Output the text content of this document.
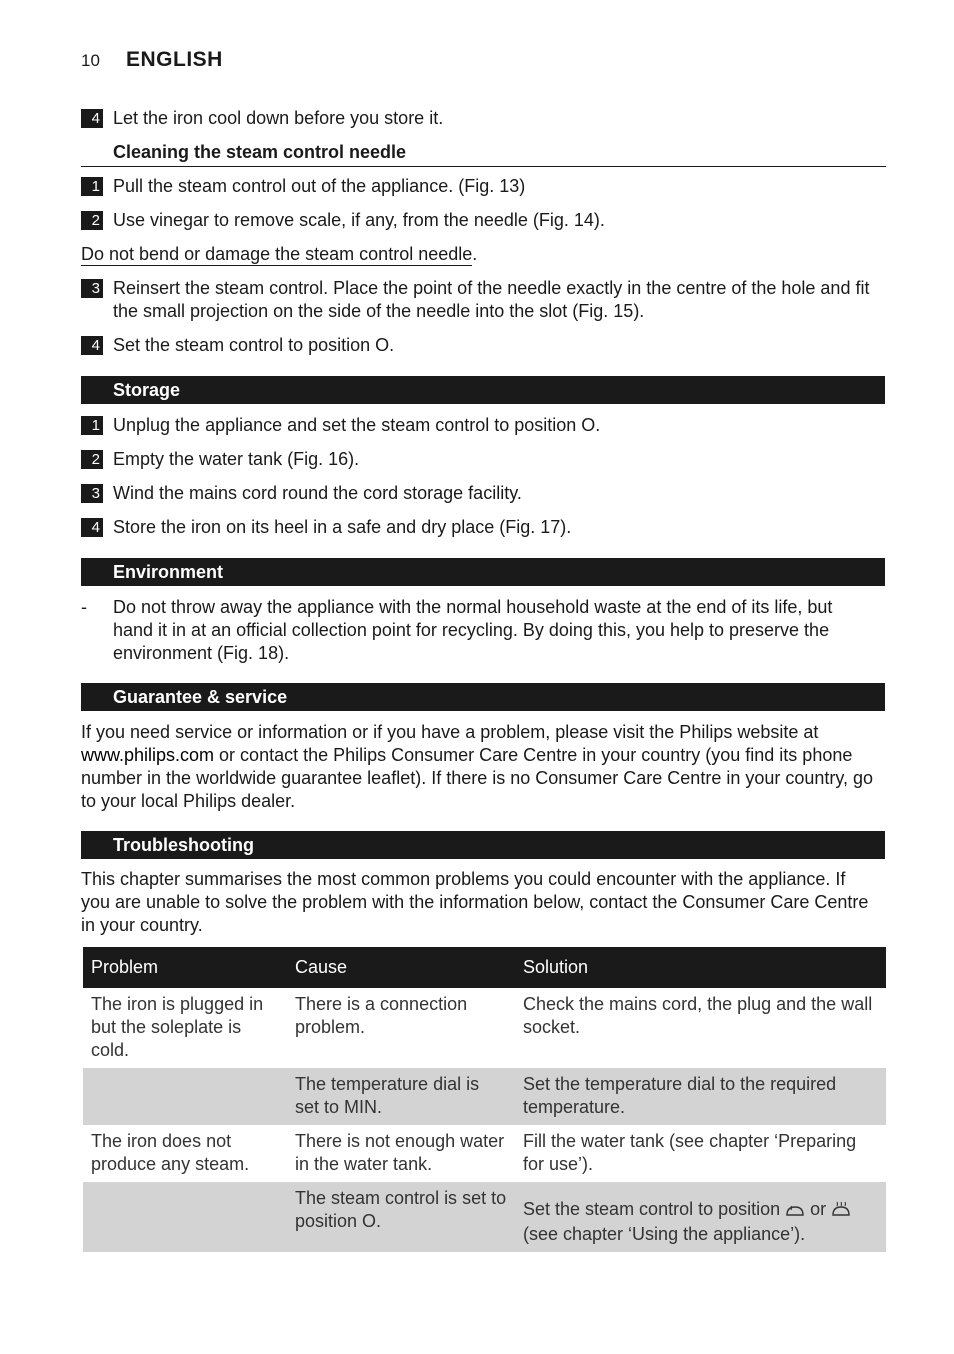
10 ENGLISH
4 Let the iron cool down before you store it.
Cleaning the steam control needle
1 Pull the steam control out of the appliance. (Fig. 13)
2 Use vinegar to remove scale, if any, from the needle (Fig. 14).
Do not bend or damage the steam control needle.
3 Reinsert the steam control. Place the point of the needle exactly in the centre of the hole and fit the small projection on the side of the needle into the slot (Fig. 15).
4 Set the steam control to position O.
Storage
1 Unplug the appliance and set the steam control to position O.
2 Empty the water tank (Fig. 16).
3 Wind the mains cord round the cord storage facility.
4 Store the iron on its heel in a safe and dry place (Fig. 17).
Environment
- Do not throw away the appliance with the normal household waste at the end of its life, but hand it in at an official collection point for recycling. By doing this, you help to preserve the environment (Fig. 18).
Guarantee & service
If you need service or information or if you have a problem, please visit the Philips website at www.philips.com or contact the Philips Consumer Care Centre in your country (you find its phone number in the worldwide guarantee leaflet). If there is no Consumer Care Centre in your country, go to your local Philips dealer.
Troubleshooting
This chapter summarises the most common problems you could encounter with the appliance. If you are unable to solve the problem with the information below, contact the Consumer Care Centre in your country.
Problem	Cause	Solution
The iron is plugged in but the soleplate is cold.	There is a connection problem.	Check the mains cord, the plug and the wall socket.
	The temperature dial is set to MIN.	Set the temperature dial to the required temperature.
The iron does not produce any steam.	There is not enough water in the water tank.	Fill the water tank (see chapter ‘Preparing for use’).
	The steam control is set to position O.	Set the steam control to position  or
(see chapter ‘Using the appliance’).
